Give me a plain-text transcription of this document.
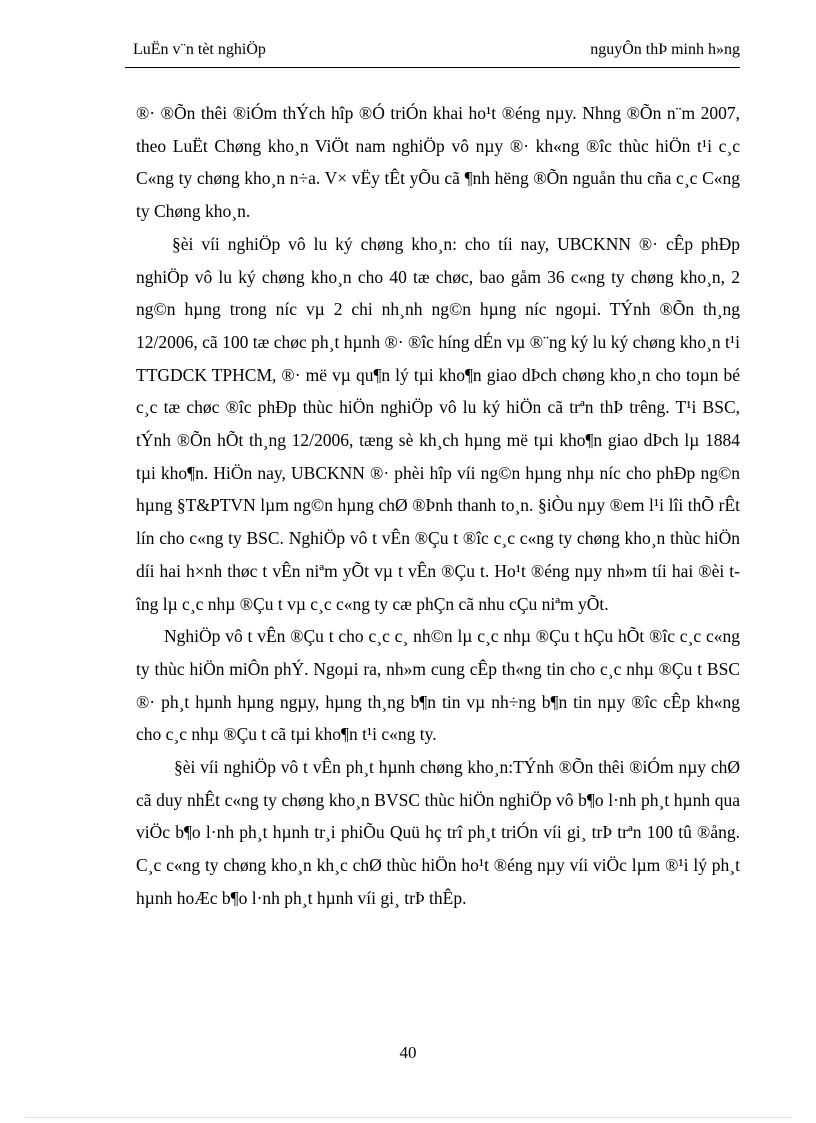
LuËn v¨n tèt nghiÖp	nguyÔn thÞ minh h»ng

®· ®Õn thêi ®iÓm thÝch hîp ®Ó triÓn khai ho¹t ®éng nµy. Nhng ®Õn n¨m 2007, theo LuËt Chøng kho¸n ViÖt nam nghiÖp vô nµy ®· kh«ng ®îc thùc hiÖn t¹i c¸c C«ng ty chøng kho¸n n÷a. V× vËy tÊt yÕu cã ¶nh hëng ®Õn nguån thu cña c¸c C«ng ty Chøng kho¸n.

§èi víi nghiÖp vô lu ký chøng kho¸n: cho tíi nay, UBCKNN ®· cÊp phÐp nghiÖp vô lu ký chøng kho¸n cho 40 tæ chøc, bao gåm 36 c«ng ty chøng kho¸n, 2 ng©n hµng trong níc vµ 2 chi nh¸nh ng©n hµng níc ngoµi. TÝnh ®Õn th¸ng 12/2006, cã 100 tæ chøc ph¸t hµnh ®· ®îc híng dÉn vµ ®¨ng ký lu ký chøng kho¸n t¹i TTGDCK TPHCM, ®· më vµ qu¶n lý tµi kho¶n giao dÞch chøng kho¸n cho toµn bé c¸c tæ chøc ®îc phÐp thùc hiÖn nghiÖp vô lu ký hiÖn cã trªn thÞ trêng. T¹i BSC, tÝnh ®Õn hÕt th¸ng 12/2006, tæng sè kh¸ch hµng më tµi kho¶n giao dÞch lµ 1884 tµi kho¶n. HiÖn nay, UBCKNN ®· phèi hîp víi ng©n hµng nhµ níc cho phÐp ng©n hµng §T&PTVN lµm ng©n hµng chØ ®Þnh thanh to¸n. §iÒu nµy ®em l¹i lîi thÕ rÊt lín cho c«ng ty BSC. NghiÖp vô t vÊn ®Çu t ®îc c¸c c«ng ty chøng kho¸n thùc hiÖn díi hai h×nh thøc t vÊn niªm yÕt vµ t vÊn ®Çu t. Ho¹t ®éng nµy nh»m tíi hai ®èi tîng lµ c¸c nhµ ®Çu t vµ c¸c c«ng ty cæ phÇn cã nhu cÇu niªm yÕt.

NghiÖp vô t vÊn ®Çu t cho c¸c c¸ nh©n lµ c¸c nhµ ®Çu t hÇu hÕt ®îc c¸c c«ng ty thùc hiÖn miÔn phÝ. Ngoµi ra, nh»m cung cÊp th«ng tin cho c¸c nhµ ®Çu t BSC ®· ph¸t hµnh hµng ngµy, hµng th¸ng b¶n tin vµ nh÷ng b¶n tin nµy ®îc cÊp kh«ng cho c¸c nhµ ®Çu t cã tµi kho¶n t¹i c«ng ty.

§èi víi nghiÖp vô t vÊn ph¸t hµnh chøng kho¸n:TÝnh ®Õn thêi ®iÓm nµy chØ cã duy nhÊt c«ng ty chøng kho¸n BVSC thùc hiÖn nghiÖp vô b¶o l·nh ph¸t hµnh qua viÖc b¶o l·nh ph¸t hµnh tr¸i phiÕu Quü hç trî ph¸t triÓn víi gi¸ trÞ trªn 100 tû ®ång. C¸c c«ng ty chøng kho¸n kh¸c chØ thùc hiÖn ho¹t ®éng nµy víi viÖc lµm ®¹i lý ph¸t hµnh hoÆc b¶o l·nh ph¸t hµnh víi gi¸ trÞ thÊp.

40
